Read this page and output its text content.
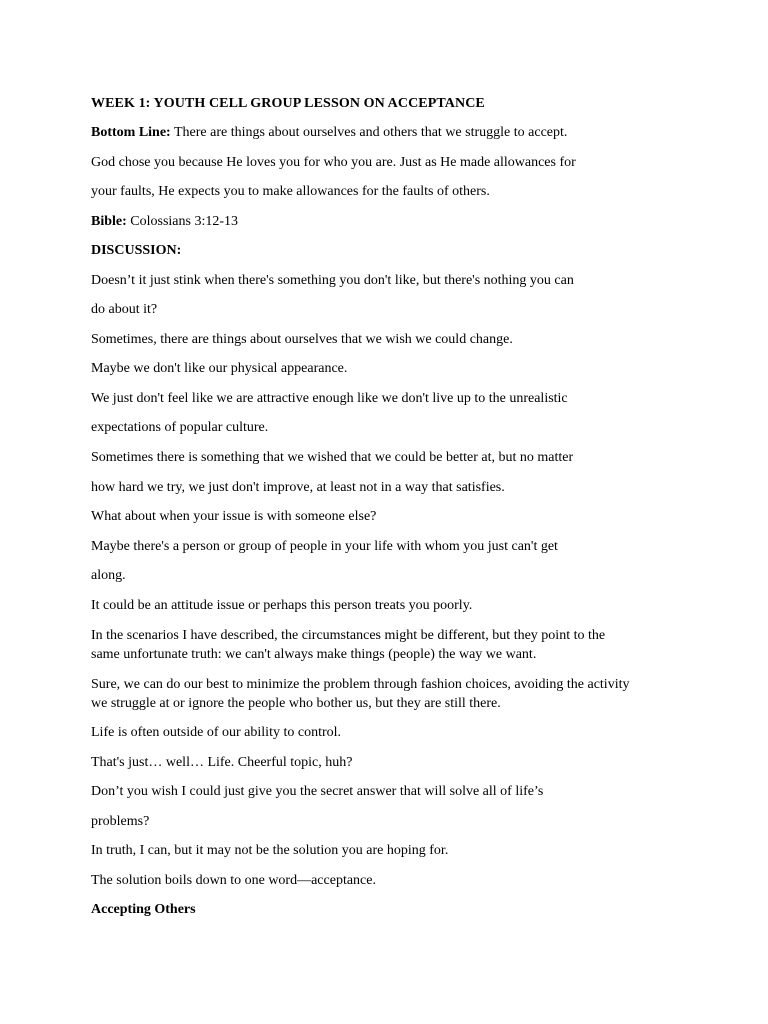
WEEK 1: YOUTH CELL GROUP LESSON ON ACCEPTANCE
Bottom Line: There are things about ourselves and others that we struggle to accept.
God chose you because He loves you for who you are. Just as He made allowances for
your faults, He expects you to make allowances for the faults of others.
Bible: Colossians 3:12-13
DISCUSSION:
Doesn’t it just stink when there's something you don't like, but there's nothing you can
do about it?
Sometimes, there are things about ourselves that we wish we could change.
Maybe we don't like our physical appearance.
We just don't feel like we are attractive enough like we don't live up to the unrealistic
expectations of popular culture.
Sometimes there is something that we wished that we could be better at, but no matter
how hard we try, we just don't improve, at least not in a way that satisfies.
What about when your issue is with someone else?
Maybe there's a person or group of people in your life with whom you just can't get
along.
It could be an attitude issue or perhaps this person treats you poorly.
In the scenarios I have described, the circumstances might be different, but they point to the
same unfortunate truth: we can't always make things (people) the way we want.
Sure, we can do our best to minimize the problem through fashion choices, avoiding the activity
we struggle at or ignore the people who bother us, but they are still there.
Life is often outside of our ability to control.
That's just… well… Life. Cheerful topic, huh?
Don’t you wish I could just give you the secret answer that will solve all of life’s
problems?
In truth, I can, but it may not be the solution you are hoping for.
The solution boils down to one word—acceptance.
Accepting Others
